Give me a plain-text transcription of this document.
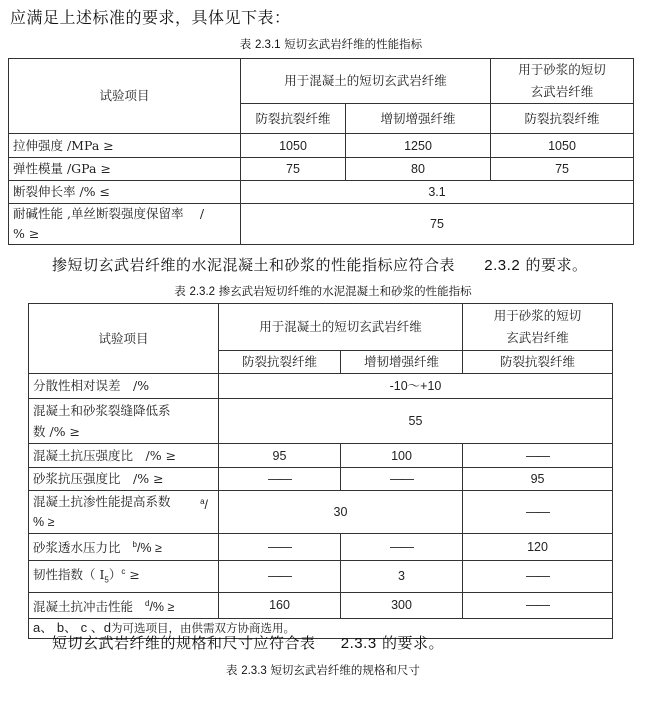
应满足上述标准的要求，具体见下表：
表 2.3.1 短切玄武岩纤维的性能指标
试验项目	用于混凝土的短切玄武岩纤维		用于砂浆的短切
玄武岩纤维

	防裂抗裂纤维	增韧增强纤维	防裂抗裂纤维
拉伸强度 /MPa ≥	1050	1250	1050
弹性模量 /GPa ≥	75	80	75
断裂伸长率 /% ≤	3.1		

耐碱性能 ,单丝断裂强度保留率　 /
% ≥	75		
掺短切玄武岩纤维的水泥混凝土和砂浆的性能指标应符合表 2.3.2 的要求。
表 2.3.2 掺玄武岩短切纤维的水泥混凝土和砂浆的性能指标
试验项目	用于混凝土的短切玄武岩纤维		用于砂浆的短切
玄武岩纤维

	防裂抗裂纤维	增韧增强纤维	防裂抗裂纤维
分散性相对误差　/%	-10～+10		

混凝土和砂浆裂缝降低系
数 /% ≥	55		
混凝土抗压强度比　/% ≥	95	100	——
砂浆抗压强度比　/% ≥	——	——	95

混凝土抗渗性能提高系数 $^a$/
% ≥	30		——
砂浆透水压力比 $^b$/% ≥	——	——	120
韧性指数（ $I_5)^c$ ≥	——	3	——
混凝土抗冲击性能 $^d$/% ≥	160	300	——
a、 b、 c 、d为可选项目，由供需双方协商选用。			
短切玄武岩纤维的规格和尺寸应符合表 2.3.3 的要求。
表 2.3.3 短切玄武岩纤维的规格和尺寸
